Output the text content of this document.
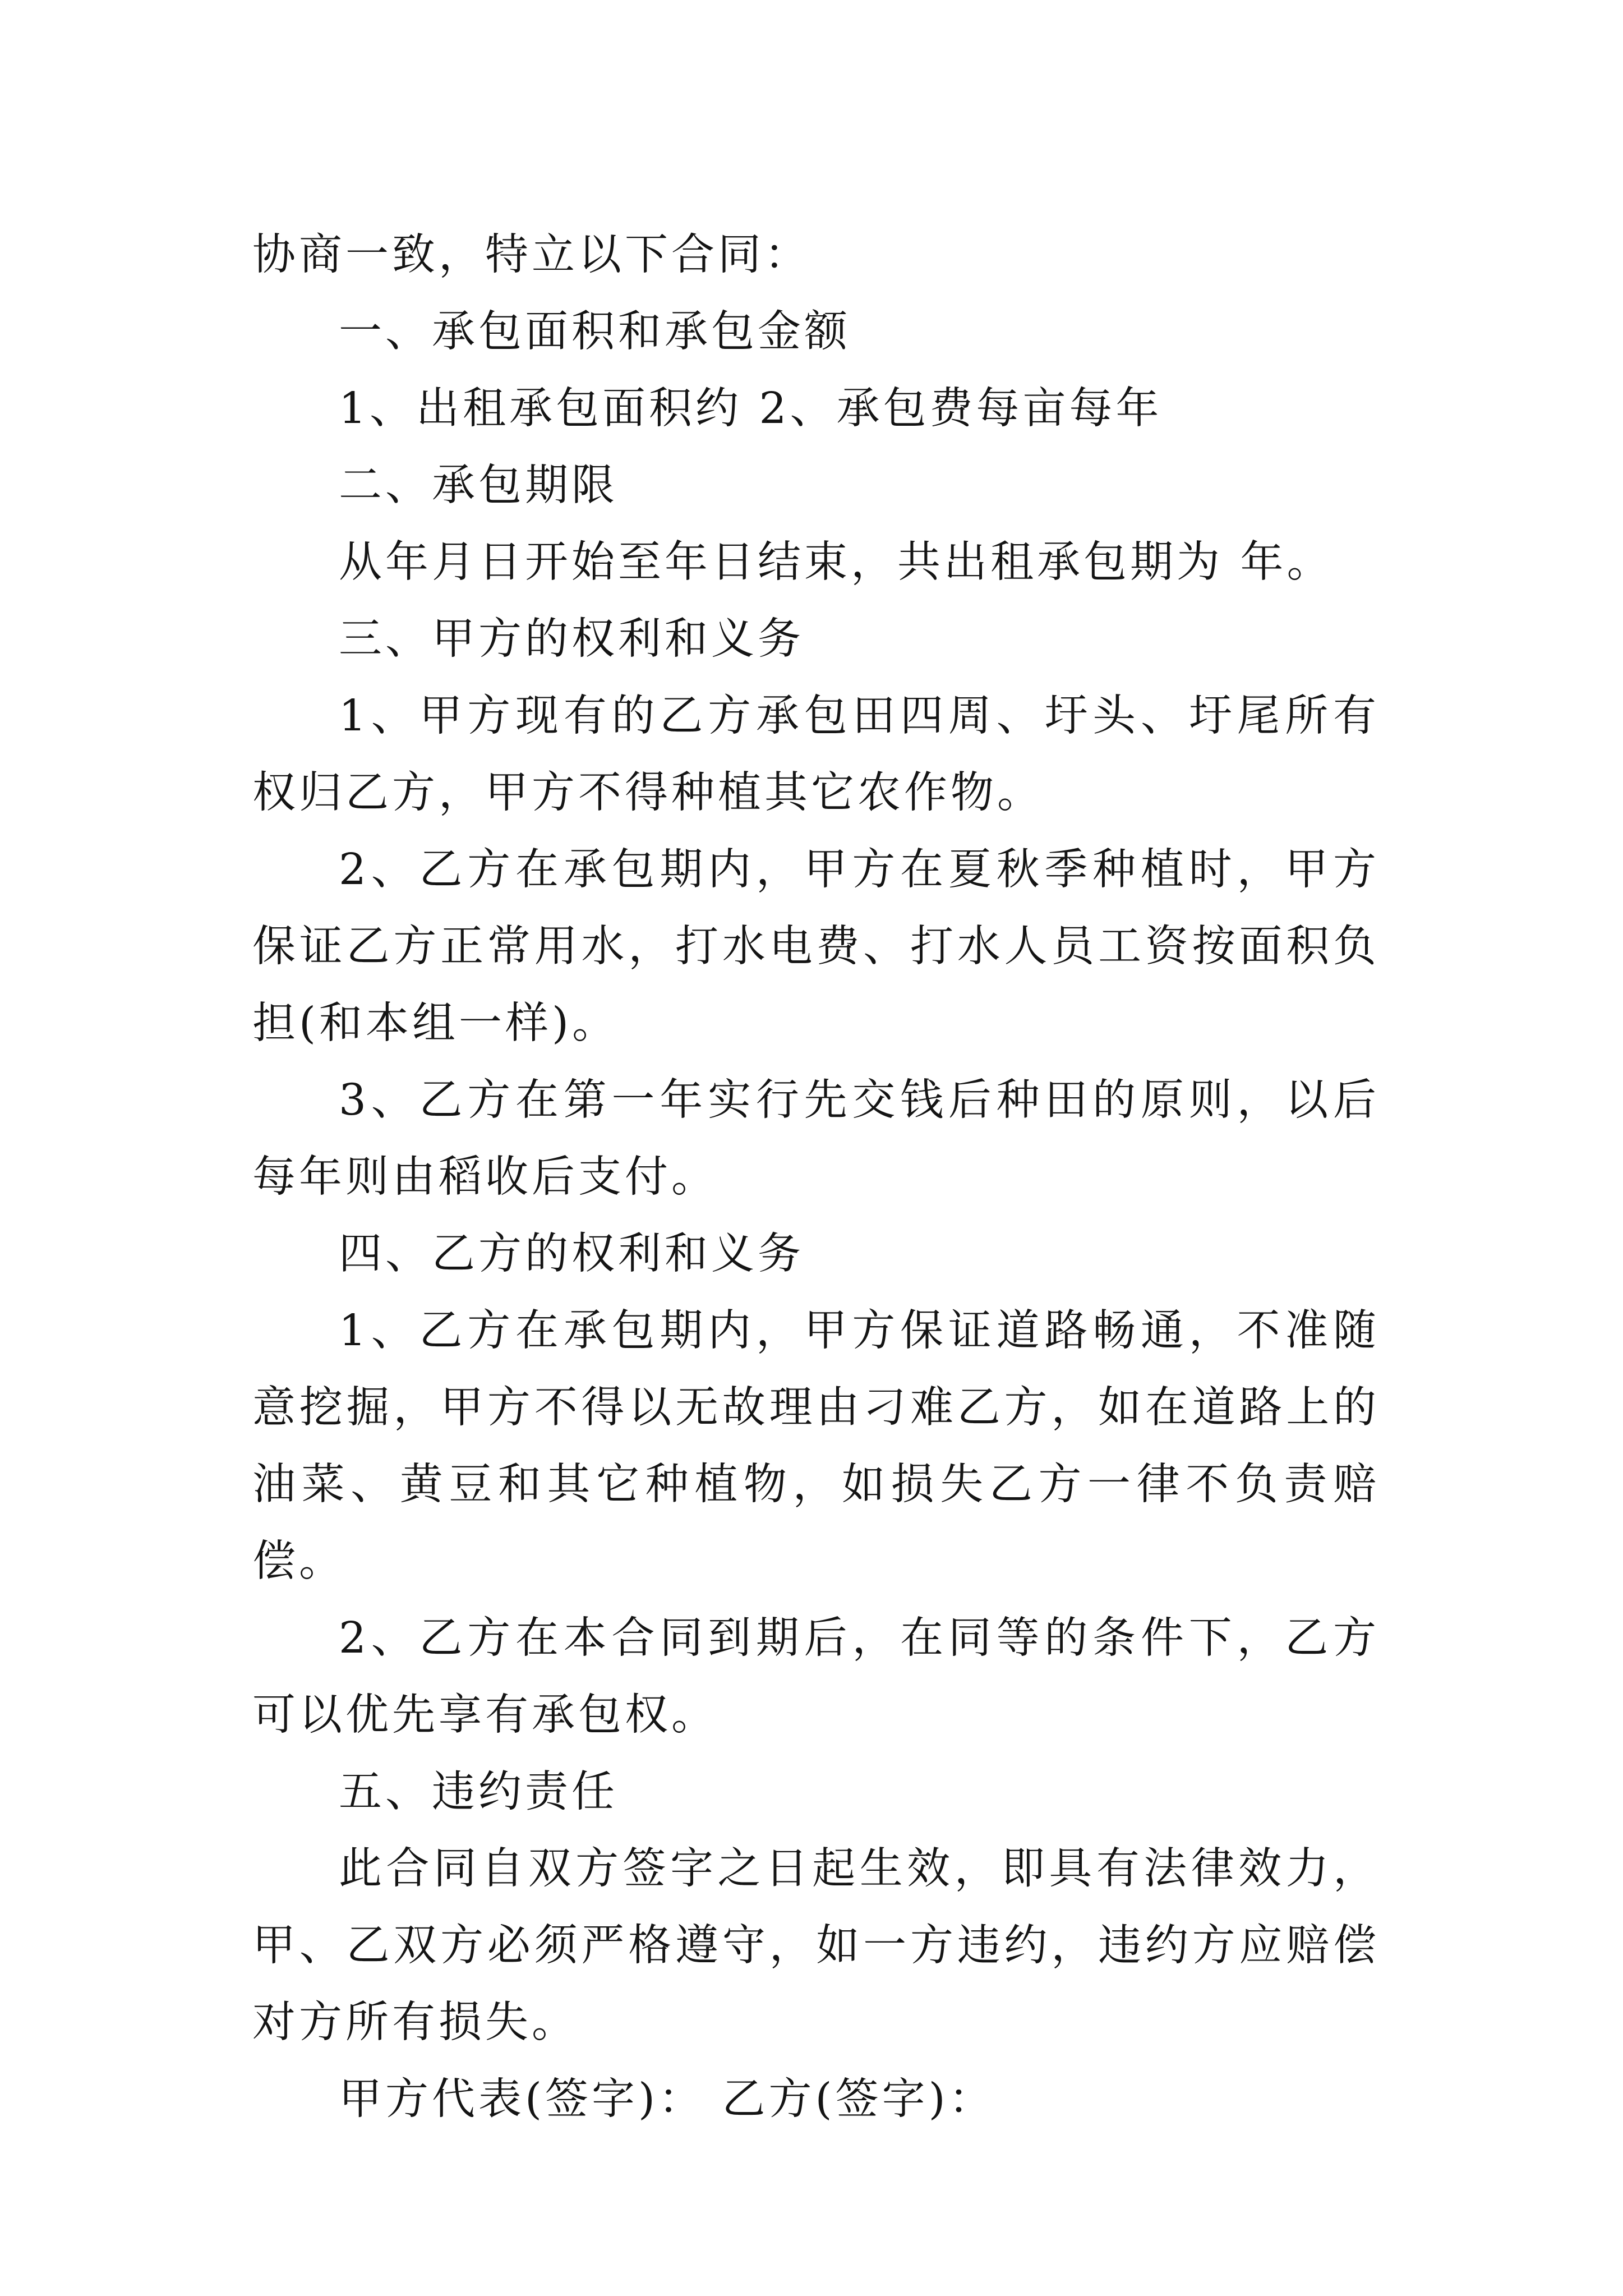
协商一致，特立以下合同：

一、承包面积和承包金额

1、出租承包面积约 2、承包费每亩每年

二、承包期限

从年月日开始至年日结束，共出租承包期为 年。

三、甲方的权利和义务

1、甲方现有的乙方承包田四周、圩头、圩尾所有权归乙方，甲方不得种植其它农作物。

2、乙方在承包期内，甲方在夏秋季种植时，甲方保证乙方正常用水，打水电费、打水人员工资按面积负担(和本组一样)。

3、乙方在第一年实行先交钱后种田的原则，以后每年则由稻收后支付。

四、乙方的权利和义务

1、乙方在承包期内，甲方保证道路畅通，不准随意挖掘，甲方不得以无故理由刁难乙方，如在道路上的油菜、黄豆和其它种植物，如损失乙方一律不负责赔偿。

2、乙方在本合同到期后，在同等的条件下，乙方可以优先享有承包权。

五、违约责任

此合同自双方签字之日起生效，即具有法律效力，甲、乙双方必须严格遵守，如一方违约，违约方应赔偿对方所有损失。

甲方代表(签字)： 乙方(签字)：
